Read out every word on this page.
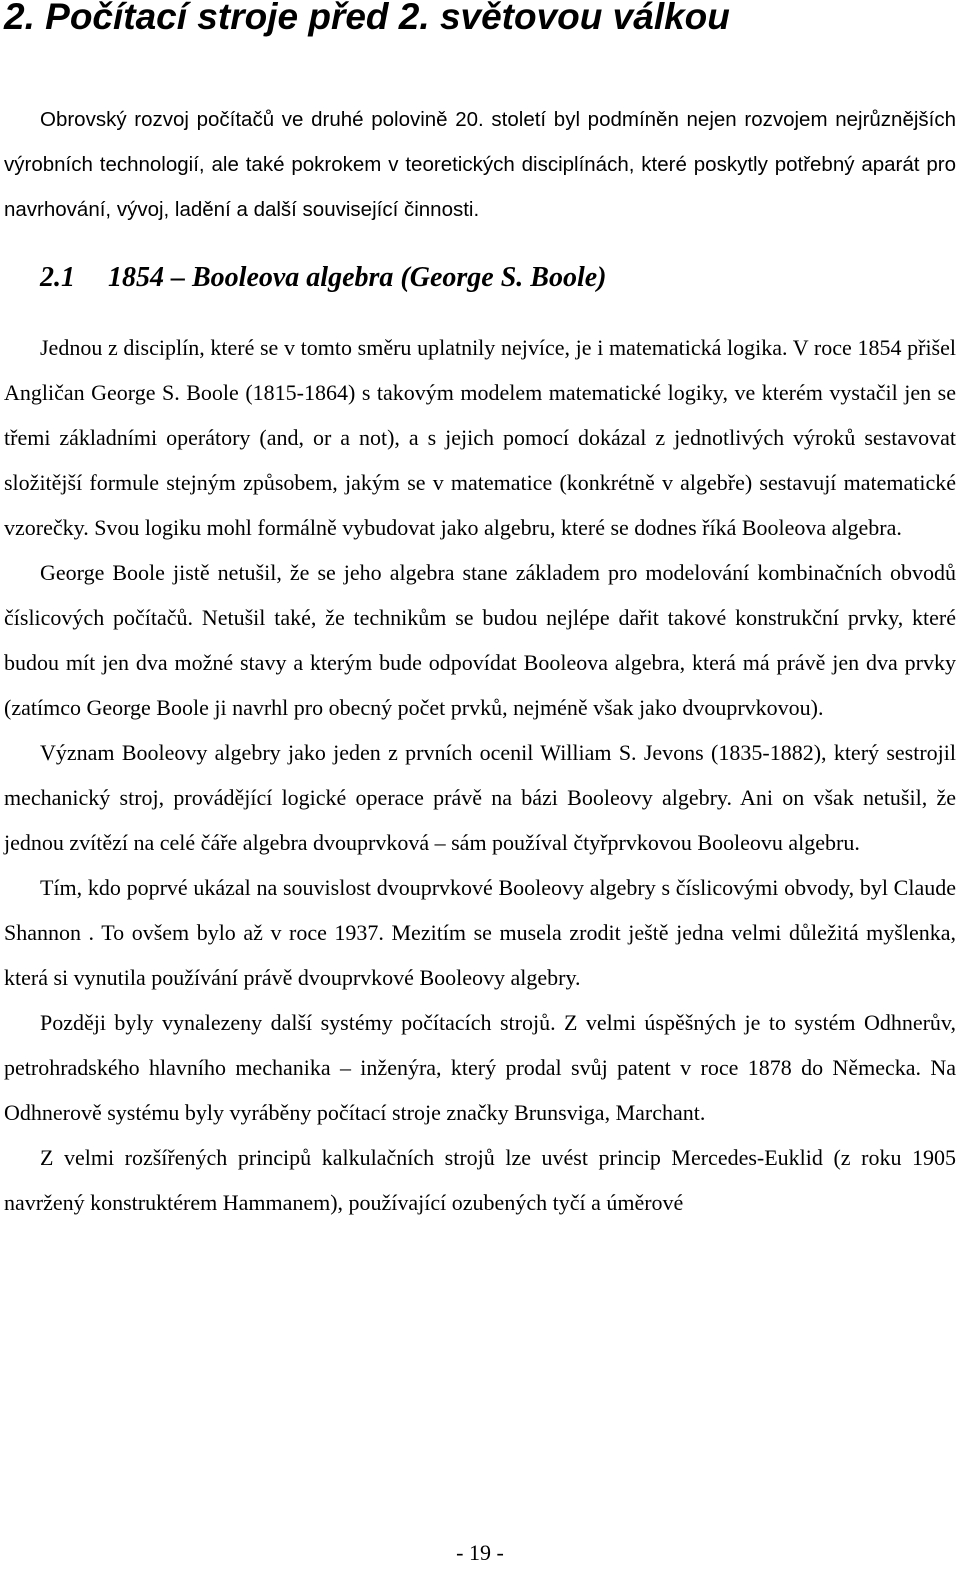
2. Počítací stroje před 2. světovou válkou

Obrovský rozvoj počítačů ve druhé polovině 20. století byl podmíněn nejen rozvojem nejrůznějších výrobních technologií, ale také pokrokem v teoretických disciplínách, které poskytly potřebný aparát pro navrhování, vývoj, ladění a další související činnosti.

2.1 1854 – Booleova algebra (George S. Boole)

Jednou z disciplín, které se v tomto směru uplatnily nejvíce, je i matematická logika. V roce 1854 přišel Angličan George S. Boole (1815-1864) s takovým modelem matematické logiky, ve kterém vystačil jen se třemi základními operátory (and, or a not), a s jejich pomocí dokázal z jednotlivých výroků sestavovat složitější formule stejným způsobem, jakým se v matematice (konkrétně v algebře) sestavují matematické vzorečky. Svou logiku mohl formálně vybudovat jako algebru, které se dodnes říká Booleova algebra.

George Boole jistě netušil, že se jeho algebra stane základem pro modelování kombinačních obvodů číslicových počítačů. Netušil také, že technikům se budou nejlépe dařit takové konstrukční prvky, které budou mít jen dva možné stavy a kterým bude odpovídat Booleova algebra, která má právě jen dva prvky (zatímco George Boole ji navrhl pro obecný počet prvků, nejméně však jako dvouprvkovou).

Význam Booleovy algebry jako jeden z prvních ocenil William S. Jevons (1835-1882), který sestrojil mechanický stroj, provádějící logické operace právě na bázi Booleovy algebry. Ani on však netušil, že jednou zvítězí na celé čáře algebra dvouprvková – sám používal čtyřprvkovou Booleovu algebru.

Tím, kdo poprvé ukázal na souvislost dvouprvkové Booleovy algebry s číslicovými obvody, byl Claude Shannon . To ovšem bylo až v roce 1937. Mezitím se musela zrodit ještě jedna velmi důležitá myšlenka, která si vynutila používání právě dvouprvkové Booleovy algebry.

Později byly vynalezeny další systémy počítacích strojů. Z velmi úspěšných je to systém Odhnerův, petrohradského hlavního mechanika – inženýra, který prodal svůj patent v roce 1878 do Německa. Na Odhnerově systému byly vyráběny počítací stroje značky Brunsviga, Marchant.

Z velmi rozšířených principů kalkulačních strojů lze uvést princip Mercedes-Euklid (z roku 1905 navržený konstruktérem Hammanem), používající ozubených tyčí a úměrové

- 19 -
